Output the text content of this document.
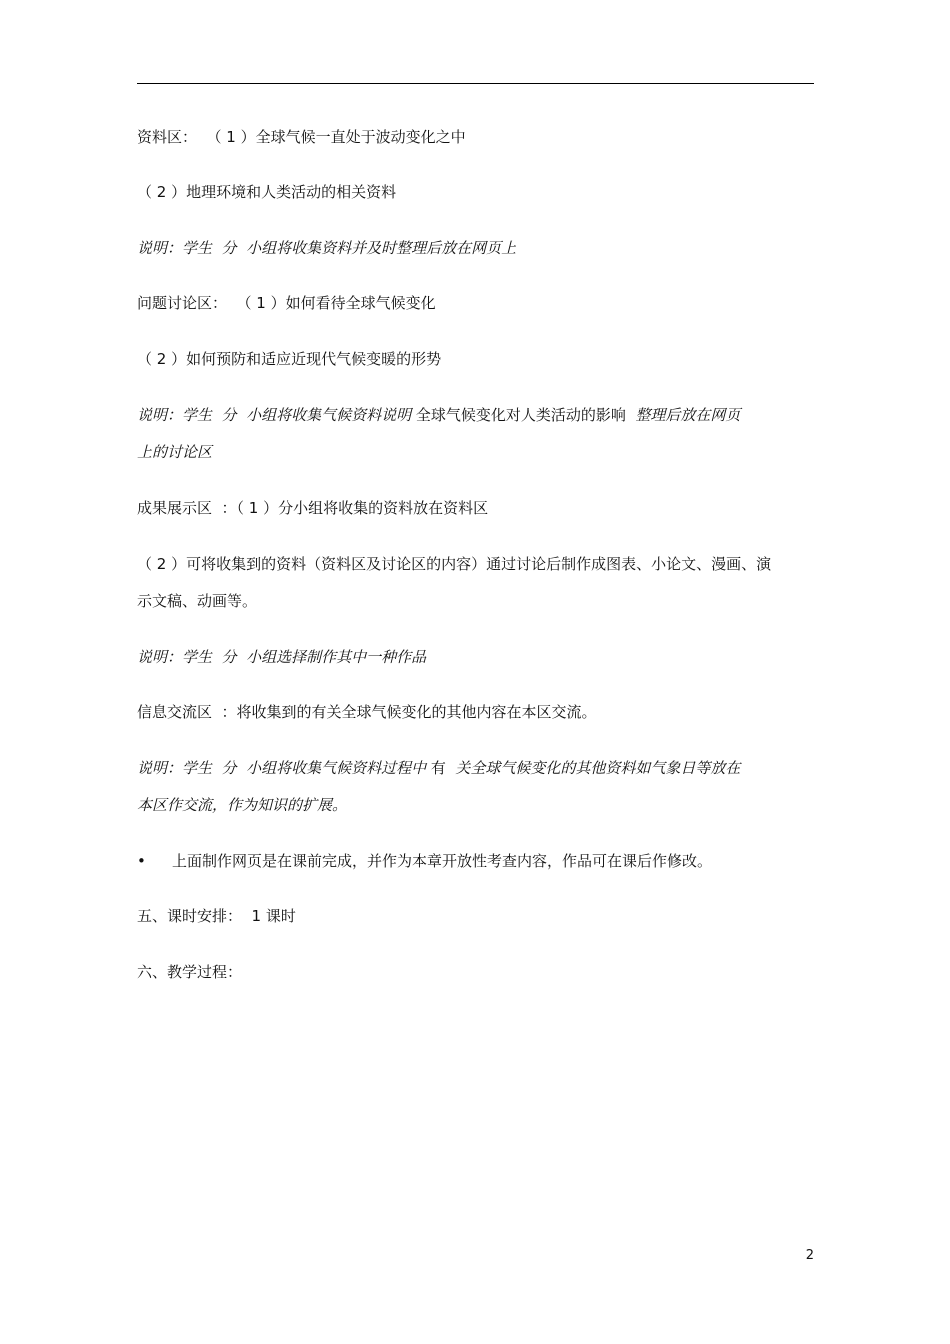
资料区：  （ 1 ）全球气候一直处于波动变化之中
（ 2 ）地理环境和人类活动的相关资料
说明：学生  分  小组将收集资料并及时整理后放在网页上
问题讨论区：  （ 1 ）如何看待全球气候变化
（ 2 ）如何预防和适应近现代气候变暖的形势
说明：学生  分  小组将收集气候资料说明 全球气候变化对人类活动的影响  整理后放在网页
上的讨论区
成果展示区  ：（ 1 ）分小组将收集的资料放在资料区
（ 2 ）可将收集到的资料（资料区及讨论区的内容）通过讨论后制作成图表、小论文、漫画、演
示文稿、动画等。
说明：学生  分  小组选择制作其中一种作品
信息交流区  ：将收集到的有关全球气候变化的其他内容在本区交流。
说明：学生  分  小组将收集气候资料过程中 有  关全球气候变化的其他资料如气象日等放在
本区作交流，作为知识的扩展。
• 上面制作网页是在课前完成，并作为本章开放性考查内容，作品可在课后作修改。
五、课时安排：  1 课时
六、教学过程：
2
